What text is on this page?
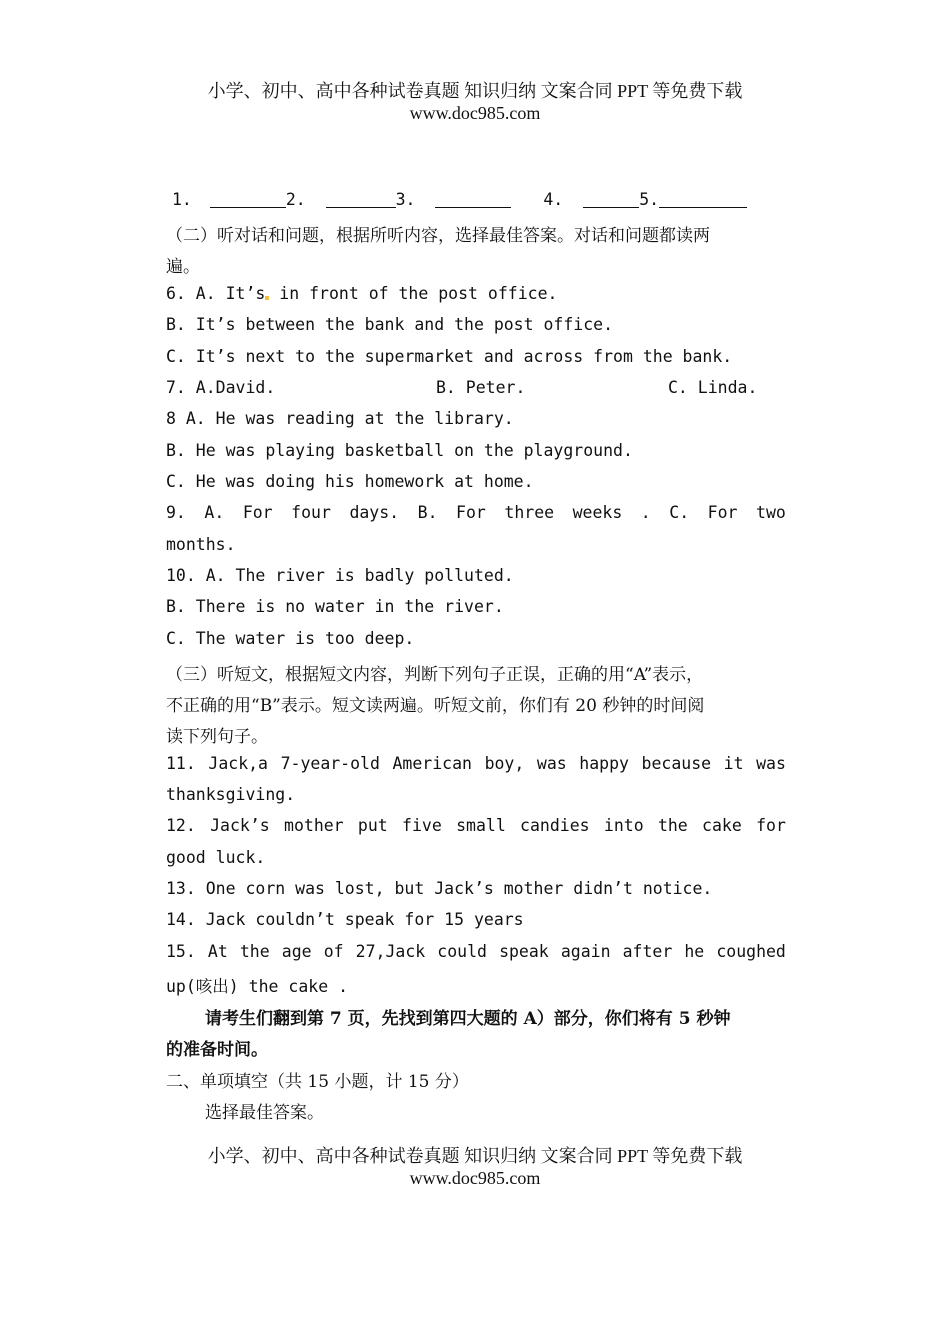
小学、初中、高中各种试卷真题 知识归纳 文案合同 PPT 等免费下载
www.doc985.com
1.	2.	3.	4.	5.
（二）听对话和问题，根据所听内容，选择最佳答案。对话和问题都读两
遍。
6. A. It’s in front of the post office.
B. It’s between the bank and the post office.
C. It’s next to the supermarket and across from the bank.
7. A.David.	B. Peter.	C. Linda.
8 A. He was reading at the library.
B. He was playing basketball on the playground.
C. He was doing his homework at home.
9. A. For four days. B. For three weeks . C. For two
months.
10. A. The river is badly polluted.
B. There is no water in the river.
C. The water is too deep.
（三）听短文，根据短文内容，判断下列句子正误，正确的用“A”表示，
不正确的用“B”表示。短文读两遍。听短文前，你们有 20 秒钟的时间阅
读下列句子。
11. Jack,a 7-year-old American boy, was happy because it was
thanksgiving.
12. Jack’s mother put five small candies into the cake for
good luck.
13. One corn was lost, but Jack’s mother didn’t notice.
14. Jack couldn’t speak for 15 years
15. At the age of 27,Jack could speak again after he coughed
up(咳出) the cake .
请考生们翻到第 7 页，先找到第四大题的 A）部分，你们将有 5 秒钟
的准备时间。
二、单项填空（共 15 小题，计 15 分）
选择最佳答案。
小学、初中、高中各种试卷真题 知识归纳 文案合同 PPT 等免费下载
www.doc985.com
